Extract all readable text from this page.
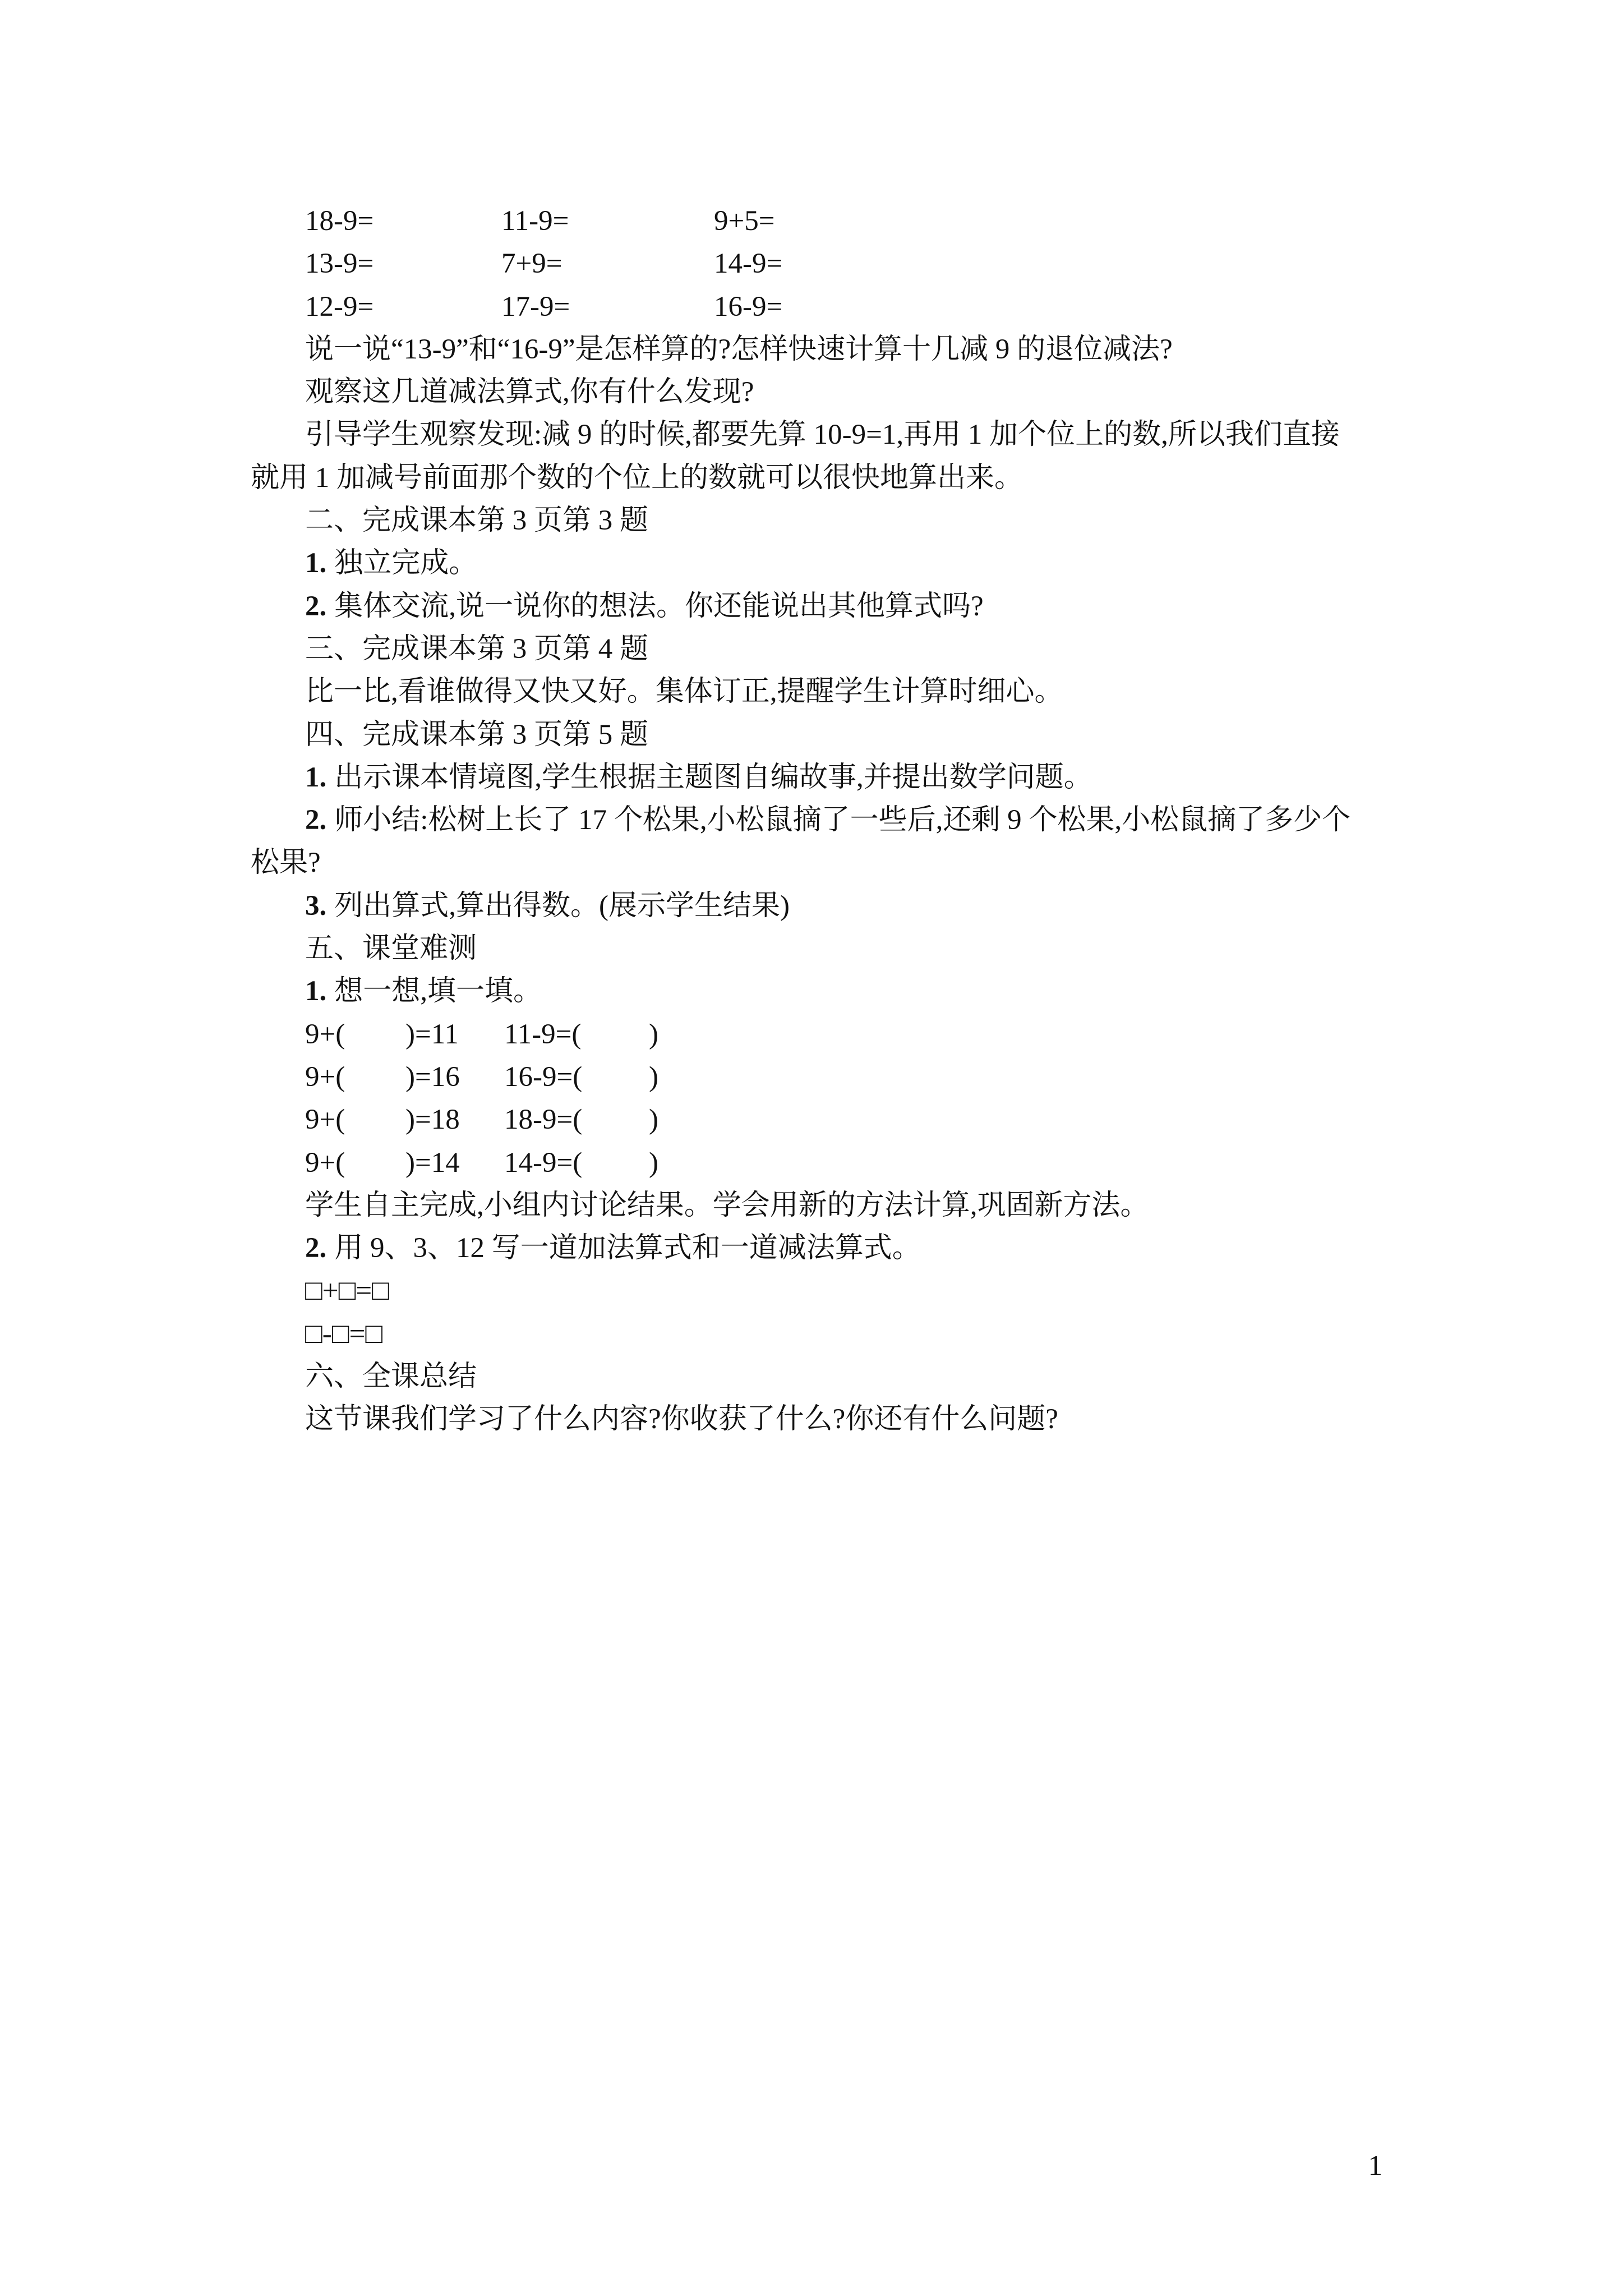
18-9=	11-9=	9+5=
13-9=	7+9=	14-9=
12-9=	17-9=	16-9=
说一说“13-9”和“16-9”是怎样算的?怎样快速计算十几减 9 的退位减法?
观察这几道减法算式,你有什么发现?
引导学生观察发现:减 9 的时候,都要先算 10-9=1,再用 1 加个位上的数,所以我们直接
就用 1 加减号前面那个数的个位上的数就可以很快地算出来。
二、完成课本第 3 页第 3 题
1. 独立完成。
2. 集体交流,说一说你的想法。你还能说出其他算式吗?
三、完成课本第 3 页第 4 题
比一比,看谁做得又快又好。集体订正,提醒学生计算时细心。
四、完成课本第 3 页第 5 题
1. 出示课本情境图,学生根据主题图自编故事,并提出数学问题。
2. 师小结:松树上长了 17 个松果,小松鼠摘了一些后,还剩 9 个松果,小松鼠摘了多少个
松果?
3. 列出算式,算出得数。(展示学生结果)
五、课堂难测
1. 想一想,填一填。
9+( )=11 11-9=( )
9+( )=16 16-9=( )
9+( )=18 18-9=( )
9+( )=14 14-9=( )
学生自主完成,小组内讨论结果。学会用新的方法计算,巩固新方法。
2. 用 9、3、12 写一道加法算式和一道减法算式。
□+□=□
□-□=□
六、全课总结
这节课我们学习了什么内容?你收获了什么?你还有什么问题?
1
